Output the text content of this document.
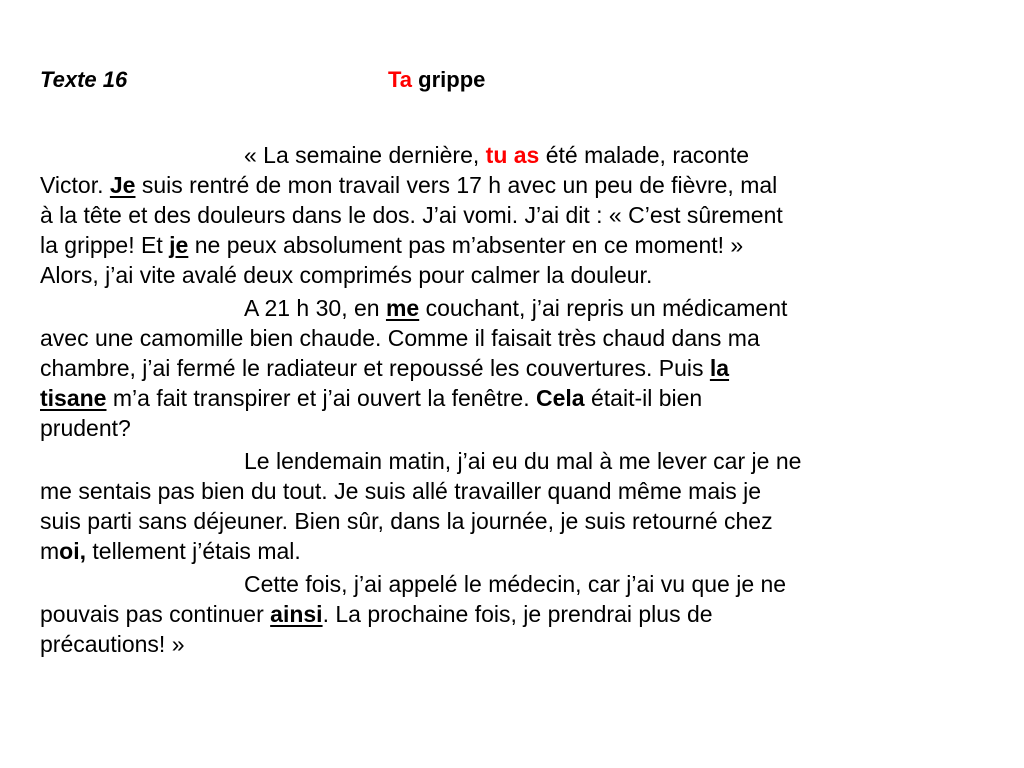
Texte 16	Ta grippe
« La semaine dernière, tu as été malade, raconte
Victor. Je suis rentré de mon travail vers 17 h avec un peu de fièvre, mal
à la tête et des douleurs dans le dos. J’ai vomi. J’ai dit : « C’est sûrement
la grippe! Et je ne peux absolument pas m’absenter en ce moment! »
Alors, j’ai vite avalé deux comprimés pour calmer la douleur.
A 21 h 30, en me couchant, j’ai repris un médicament
avec une camomille bien chaude. Comme il faisait très chaud dans ma
chambre, j’ai fermé le radiateur et repoussé les couvertures. Puis la
tisane m’a fait transpirer et j’ai ouvert la fenêtre. Cela était-il bien
prudent?
Le lendemain matin, j’ai eu du mal à me lever car je ne
me sentais pas bien du tout. Je suis allé travailler quand même mais je
suis parti sans déjeuner. Bien sûr, dans la journée, je suis retourné chez
moi, tellement j’étais mal.
Cette fois, j’ai appelé le médecin, car j’ai vu que je ne
pouvais pas continuer ainsi. La prochaine fois, je prendrai plus de
précautions! »
